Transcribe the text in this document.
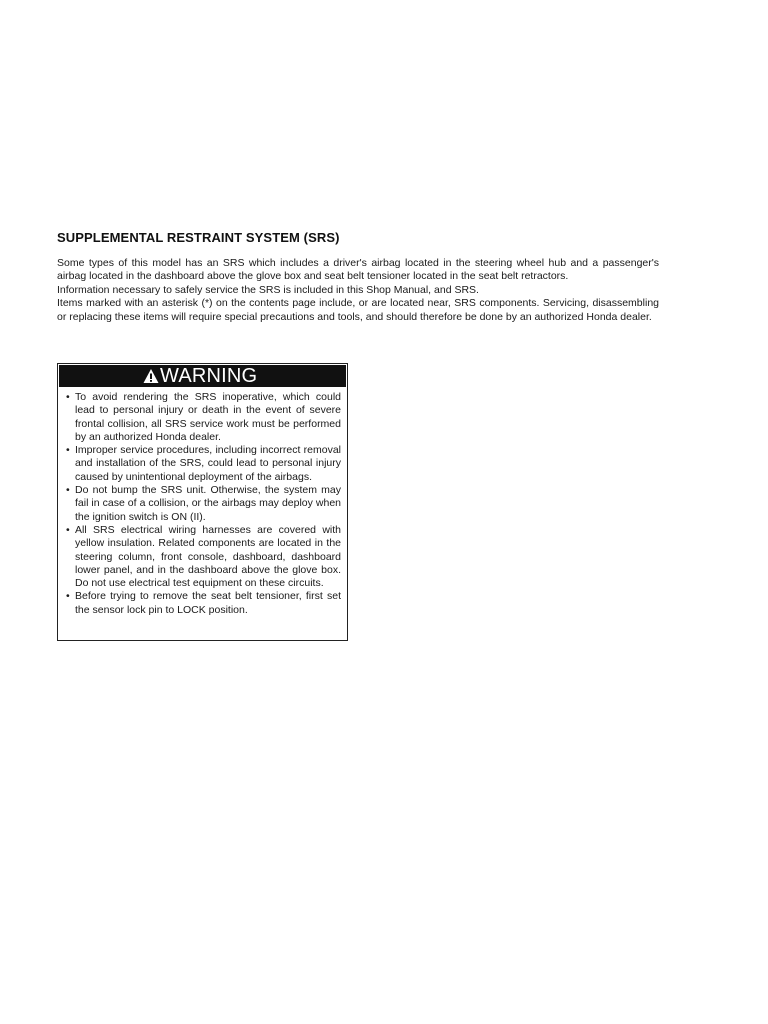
SUPPLEMENTAL RESTRAINT SYSTEM (SRS)

Some types of this model has an SRS which includes a driver's airbag located in the steering wheel hub and a passenger's airbag located in the dashboard above the glove box and seat belt tensioner located in the seat belt retractors.

Information necessary to safely service the SRS is included in this Shop Manual, and SRS.

Items marked with an asterisk (*) on the contents page include, or are located near, SRS components. Servicing, disassembling or replacing these items will require special precautions and tools, and should therefore be done by an authorized Honda dealer.

WARNING
• To avoid rendering the SRS inoperative, which could lead to personal injury or death in the event of severe frontal collision, all SRS service work must be performed by an authorized Honda dealer.
• Improper service procedures, including incorrect removal and installation of the SRS, could lead to personal injury caused by unintentional deployment of the airbags.
• Do not bump the SRS unit. Otherwise, the system may fail in case of a collision, or the airbags may deploy when the ignition switch is ON (II).
• All SRS electrical wiring harnesses are covered with yellow insulation. Related components are located in the steering column, front console, dashboard, dashboard lower panel, and in the dashboard above the glove box. Do not use electrical test equipment on these circuits.
• Before trying to remove the seat belt tensioner, first set the sensor lock pin to LOCK position.
